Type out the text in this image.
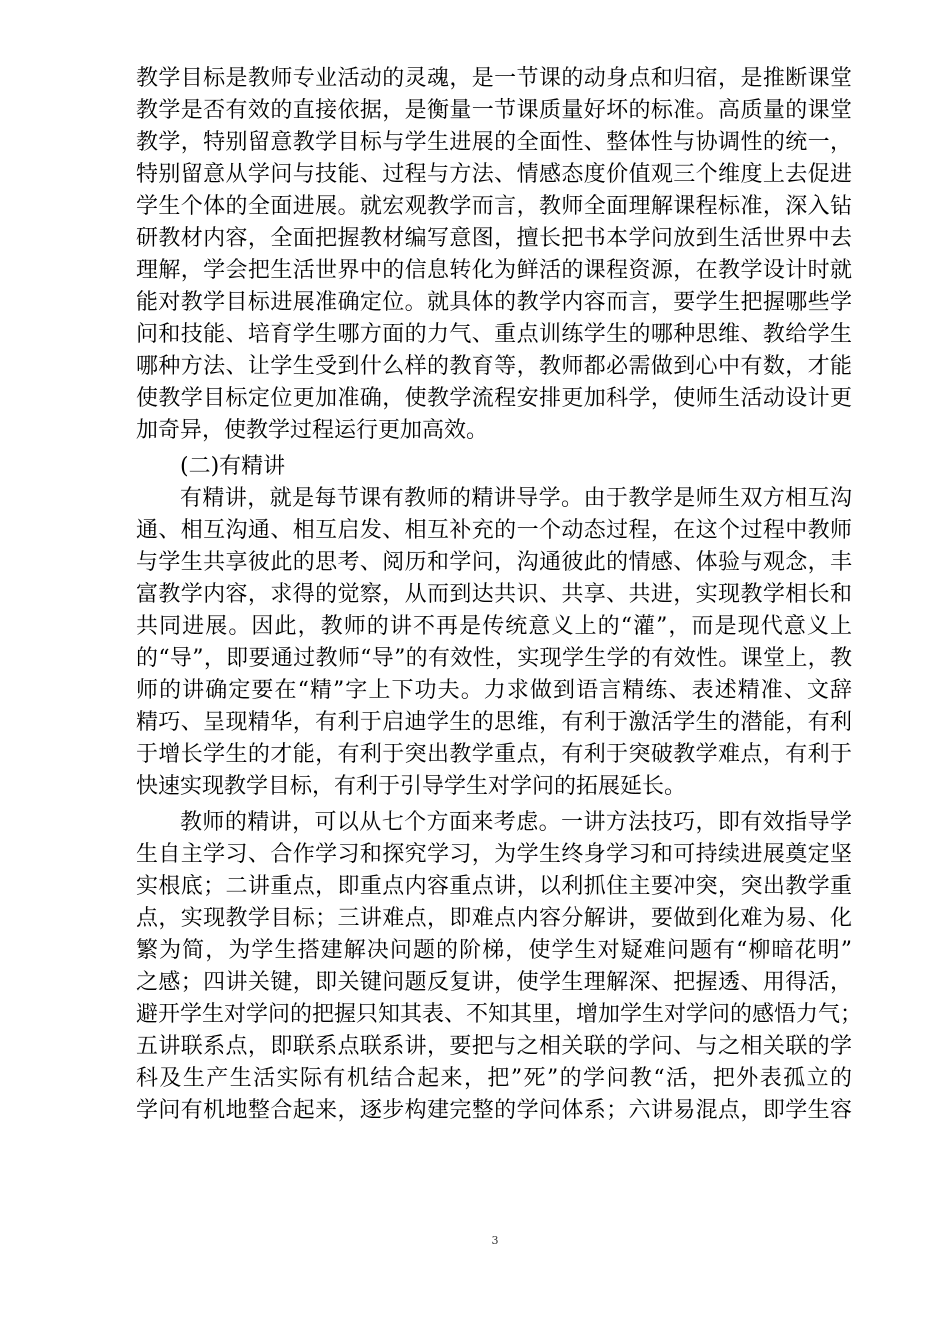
教学目标是教师专业活动的灵魂，是一节课的动身点和归宿，是推断课堂
教学是否有效的直接依据，是衡量一节课质量好坏的标准。高质量的课堂
教学，特别留意教学目标与学生进展的全面性、整体性与协调性的统一，
特别留意从学问与技能、过程与方法、情感态度价值观三个维度上去促进
学生个体的全面进展。就宏观教学而言，教师全面理解课程标准，深入钻
研教材内容，全面把握教材编写意图，擅长把书本学问放到生活世界中去
理解，学会把生活世界中的信息转化为鲜活的课程资源，在教学设计时就
能对教学目标进展准确定位。就具体的教学内容而言，要学生把握哪些学
问和技能、培育学生哪方面的力气、重点训练学生的哪种思维、教给学生
哪种方法、让学生受到什么样的教育等，教师都必需做到心中有数，才能
使教学目标定位更加准确，使教学流程安排更加科学，使师生活动设计更
加奇异，使教学过程运行更加高效。
(二)有精讲
有精讲，就是每节课有教师的精讲导学。由于教学是师生双方相互沟
通、相互沟通、相互启发、相互补充的一个动态过程，在这个过程中教师
与学生共享彼此的思考、阅历和学问，沟通彼此的情感、体验与观念，丰
富教学内容，求得的觉察，从而到达共识、共享、共进，实现教学相长和
共同进展。因此，教师的讲不再是传统意义上的“灌”，而是现代意义上
的“导”，即要通过教师“导”的有效性，实现学生学的有效性。课堂上，教
师的讲确定要在“精”字上下功夫。力求做到语言精练、表述精准、文辞
精巧、呈现精华，有利于启迪学生的思维，有利于激活学生的潜能，有利
于增长学生的才能，有利于突出教学重点，有利于突破教学难点，有利于
快速实现教学目标，有利于引导学生对学问的拓展延长。
教师的精讲，可以从七个方面来考虑。一讲方法技巧，即有效指导学
生自主学习、合作学习和探究学习，为学生终身学习和可持续进展奠定坚
实根底；二讲重点，即重点内容重点讲，以利抓住主要冲突，突出教学重
点，实现教学目标；三讲难点，即难点内容分解讲，要做到化难为易、化
繁为简，为学生搭建解决问题的阶梯，使学生对疑难问题有“柳暗花明”
之感；四讲关键，即关键问题反复讲，使学生理解深、把握透、用得活，
避开学生对学问的把握只知其表、不知其里，增加学生对学问的感悟力气；
五讲联系点，即联系点联系讲，要把与之相关联的学问、与之相关联的学
科及生产生活实际有机结合起来，把”死”的学问教“活，把外表孤立的
学问有机地整合起来，逐步构建完整的学问体系；六讲易混点，即学生容
3
